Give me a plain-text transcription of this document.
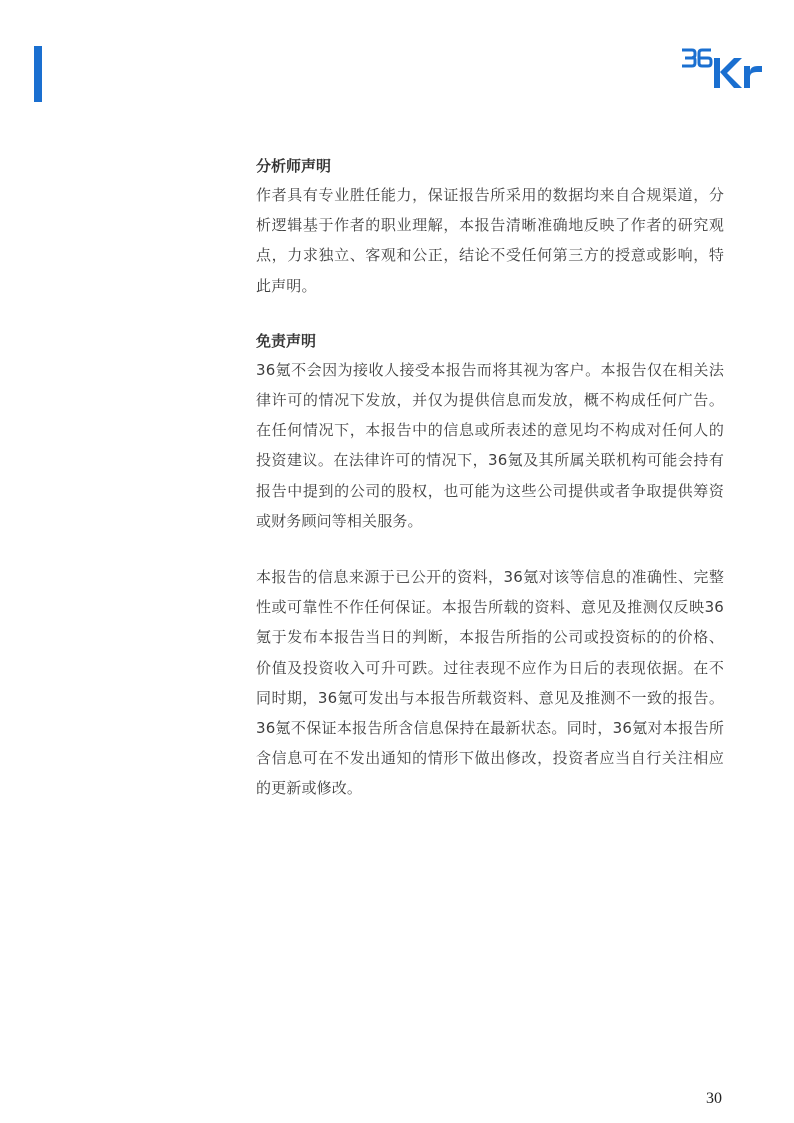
分析师声明

作者具有专业胜任能力，保证报告所采用的数据均来自合规渠道，分析逻辑基于作者的职业理解，本报告清晰准确地反映了作者的研究观点，力求独立、客观和公正，结论不受任何第三方的授意或影响，特此声明。

免责声明

36氪不会因为接收人接受本报告而将其视为客户。本报告仅在相关法律许可的情况下发放，并仅为提供信息而发放，概不构成任何广告。在任何情况下，本报告中的信息或所表述的意见均不构成对任何人的投资建议。在法律许可的情况下，36氪及其所属关联机构可能会持有报告中提到的公司的股权，也可能为这些公司提供或者争取提供筹资或财务顾问等相关服务。

本报告的信息来源于已公开的资料，36氪对该等信息的准确性、完整性或可靠性不作任何保证。本报告所载的资料、意见及推测仅反映36氪于发布本报告当日的判断，本报告所指的公司或投资标的的价格、价值及投资收入可升可跌。过往表现不应作为日后的表现依据。在不同时期，36氪可发出与本报告所载资料、意见及推测不一致的报告。36氪不保证本报告所含信息保持在最新状态。同时，36氪对本报告所含信息可在不发出通知的情形下做出修改，投资者应当自行关注相应的更新或修改。

30
